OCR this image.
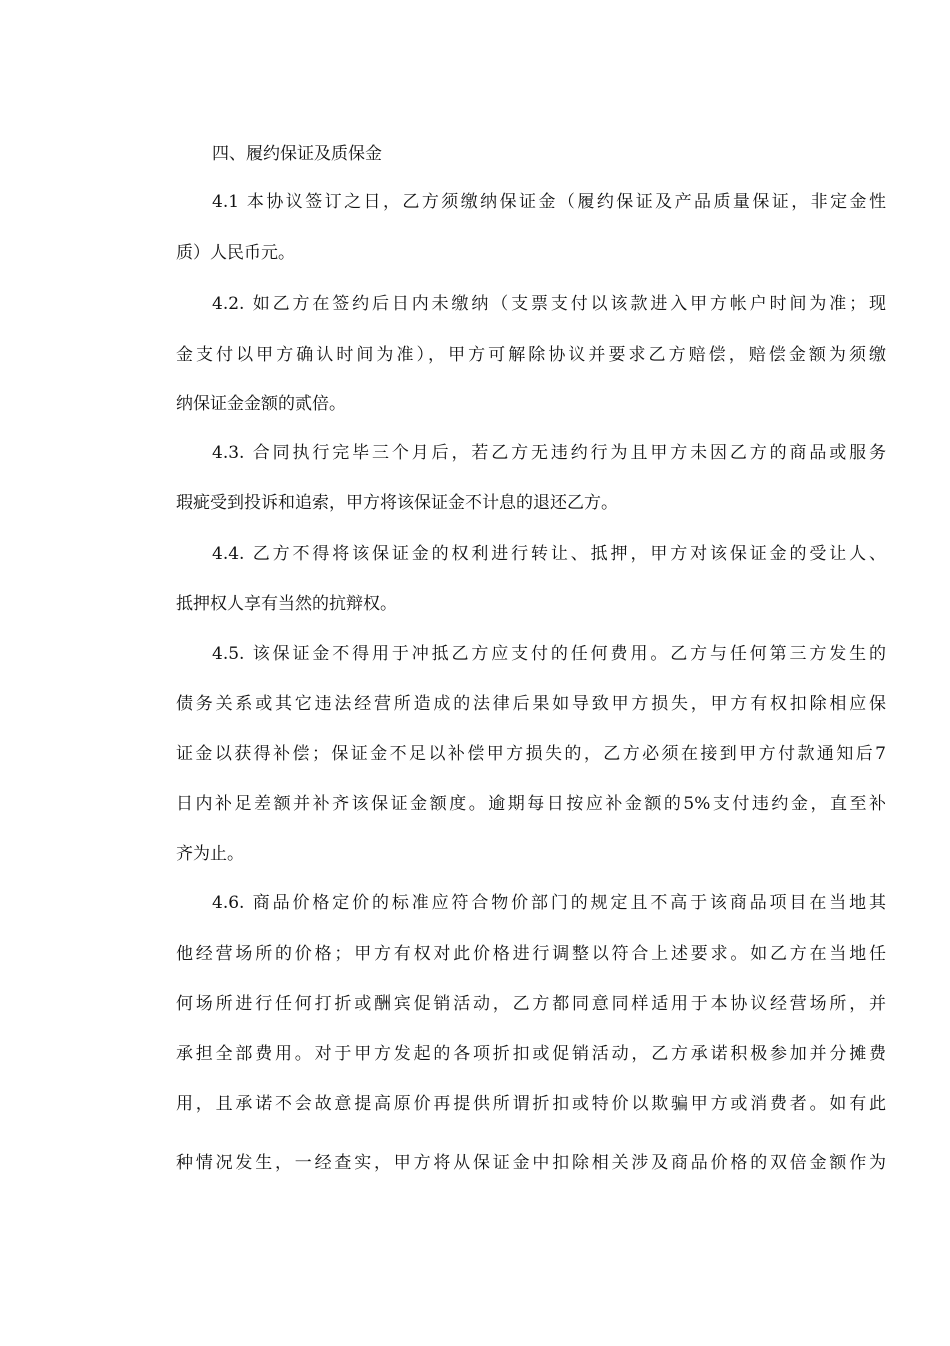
四、履约保证及质保金
4.1 本协议签订之日，乙方须缴纳保证金（履约保证及产品质量保证，非定金性
质）人民币元。
4.2. 如乙方在签约后日内未缴纳（支票支付以该款进入甲方帐户时间为准；现
金支付以甲方确认时间为准），甲方可解除协议并要求乙方赔偿，赔偿金额为须缴
纳保证金金额的贰倍。
4.3. 合同执行完毕三个月后，若乙方无违约行为且甲方未因乙方的商品或服务
瑕疵受到投诉和追索，甲方将该保证金不计息的退还乙方。
4.4. 乙方不得将该保证金的权利进行转让、抵押，甲方对该保证金的受让人、
抵押权人享有当然的抗辩权。
4.5. 该保证金不得用于冲抵乙方应支付的任何费用。乙方与任何第三方发生的
债务关系或其它违法经营所造成的法律后果如导致甲方损失，甲方有权扣除相应保
证金以获得补偿；保证金不足以补偿甲方损失的，乙方必须在接到甲方付款通知后7
日内补足差额并补齐该保证金额度。逾期每日按应补金额的5%支付违约金，直至补
齐为止。
4.6. 商品价格定价的标准应符合物价部门的规定且不高于该商品项目在当地其
他经营场所的价格；甲方有权对此价格进行调整以符合上述要求。如乙方在当地任
何场所进行任何打折或酬宾促销活动，乙方都同意同样适用于本协议经营场所，并
承担全部费用。对于甲方发起的各项折扣或促销活动，乙方承诺积极参加并分摊费
用，且承诺不会故意提高原价再提供所谓折扣或特价以欺骗甲方或消费者。如有此
种情况发生，一经查实，甲方将从保证金中扣除相关涉及商品价格的双倍金额作为
